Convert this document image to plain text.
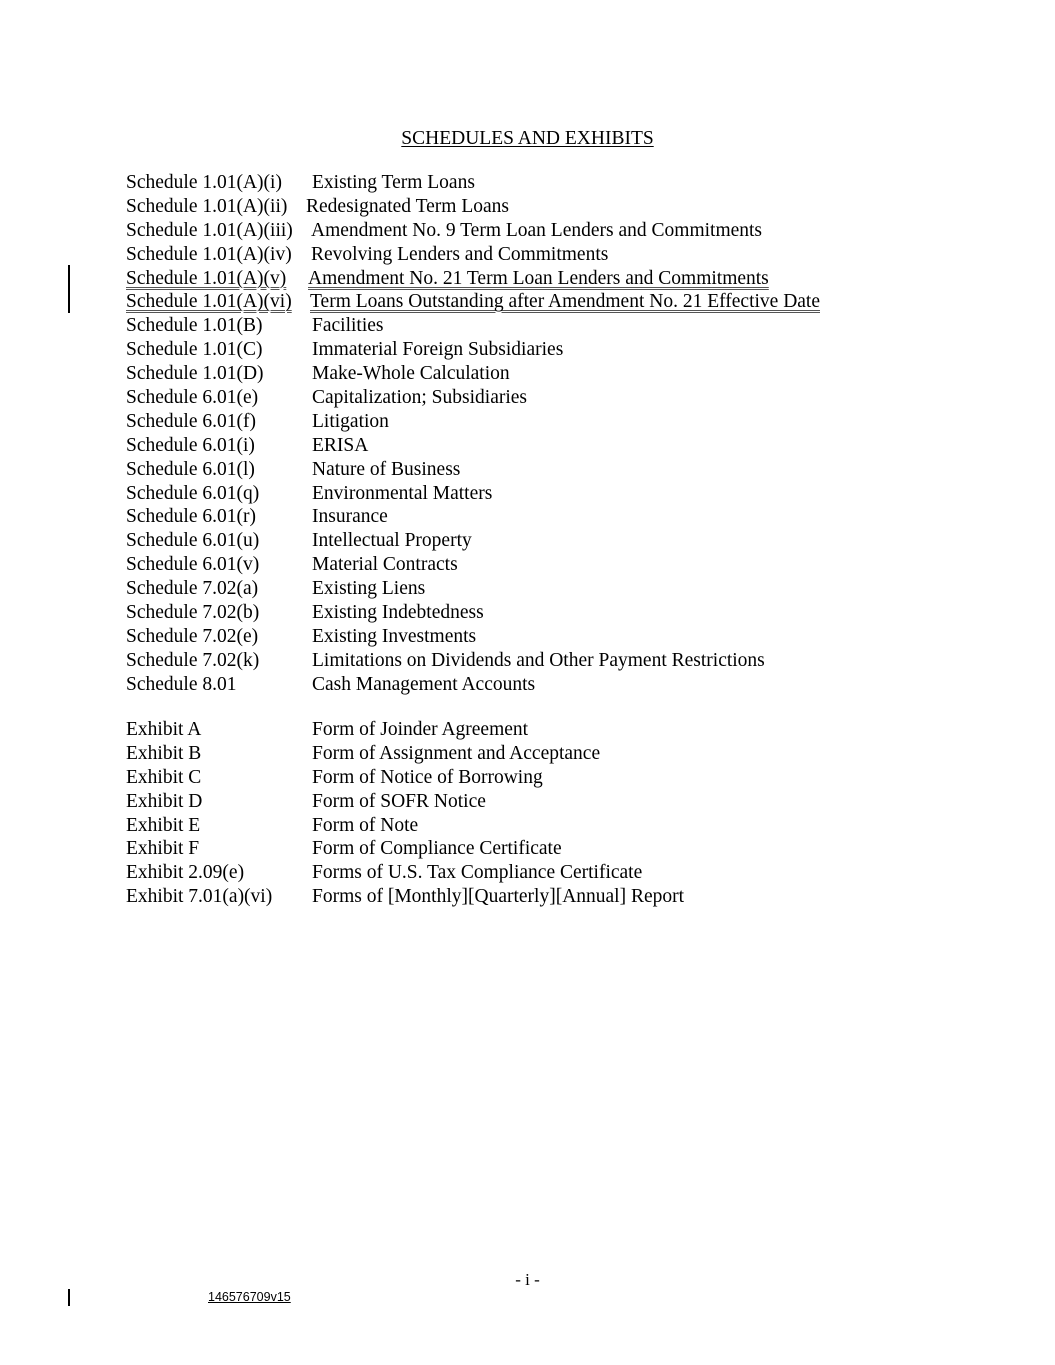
SCHEDULES AND EXHIBITS
Schedule 1.01(A)(i) Existing Term Loans
Schedule 1.01(A)(ii) Redesignated Term Loans
Schedule 1.01(A)(iii) Amendment No. 9 Term Loan Lenders and Commitments
Schedule 1.01(A)(iv) Revolving Lenders and Commitments
Schedule 1.01(A)(v) Amendment No. 21 Term Loan Lenders and Commitments
Schedule 1.01(A)(vi) Term Loans Outstanding after Amendment No. 21 Effective Date
Schedule 1.01(B)	Facilities
Schedule 1.01(C)	Immaterial Foreign Subsidiaries
Schedule 1.01(D) Make-Whole Calculation
Schedule 6.01(e)	Capitalization; Subsidiaries
Schedule 6.01(f)	Litigation
Schedule 6.01(i)	ERISA
Schedule 6.01(l)	Nature of Business
Schedule 6.01(q)	Environmental Matters
Schedule 6.01(r)	Insurance
Schedule 6.01(u)	Intellectual Property
Schedule 6.01(v)	Material Contracts
Schedule 7.02(a)	Existing Liens
Schedule 7.02(b)	Existing Indebtedness
Schedule 7.02(e)	Existing Investments
Schedule 7.02(k)	Limitations on Dividends and Other Payment Restrictions
Schedule 8.01	Cash Management Accounts
Exhibit A	Form of Joinder Agreement
Exhibit B	Form of Assignment and Acceptance
Exhibit C	Form of Notice of Borrowing
Exhibit D	Form of SOFR Notice
Exhibit E	Form of Note
Exhibit F	Form of Compliance Certificate
Exhibit 2.09(e)	Forms of U.S. Tax Compliance Certificate
Exhibit 7.01(a)(vi) Forms of [Monthly][Quarterly][Annual] Report
- i -
146576709v15
